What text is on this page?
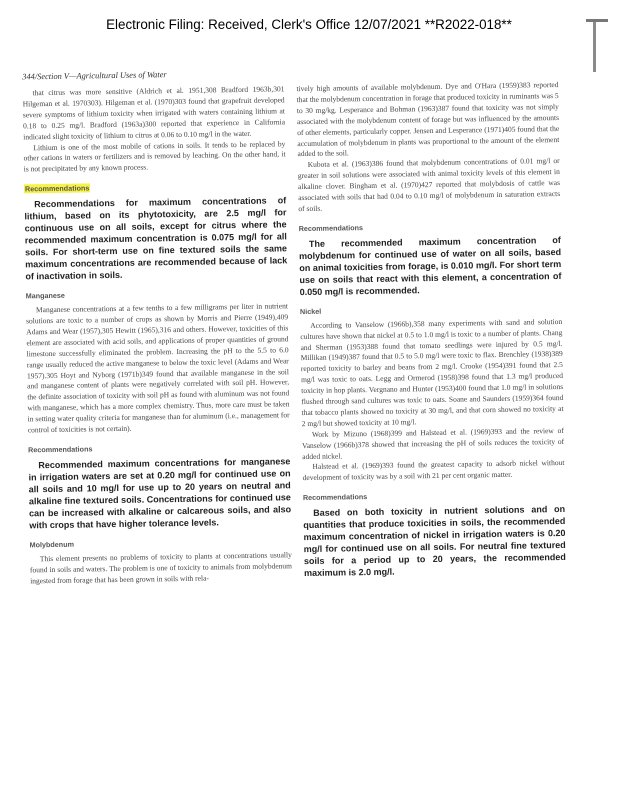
Electronic Filing: Received, Clerk's Office 12/07/2021 **R2022-018**
344/Section V—Agricultural Uses of Water

that citrus was more sensitive (Aldrich et al. 1951,308 Bradford 1963b,301 Hilgeman et al. 1970303). Hilgeman et al. (1970)303 found that grapefruit developed severe symptoms of lithium toxicity when irrigated with waters containing lithium at 0.18 to 0.25 mg/l. Bradford (1963a)300 reported that experience in California indicated slight toxicity of lithium to citrus at 0.06 to 0.10 mg/l in the water.

Lithium is one of the most mobile of cations in soils. It tends to be replaced by other cations in waters or fertilizers and is removed by leaching. On the other hand, it is not precipitated by any known process.

Recommendations

Recommendations for maximum concentrations of lithium, based on its phytotoxicity, are 2.5 mg/l for continuous use on all soils, except for citrus where the recommended maximum concentration is 0.075 mg/l for all soils. For short-term use on fine textured soils the same maximum concentrations are recommended because of lack of inactivation in soils.

Manganese

Manganese concentrations at a few tenths to a few milligrams per liter in nutrient solutions are toxic to a number of crops as shown by Morris and Pierre (1949),409 Adams and Wear (1957),305 Hewitt (1965),316 and others. However, toxicities of this element are associated with acid soils, and applications of proper quantities of ground limestone successfully eliminated the problem. Increasing the pH to the 5.5 to 6.0 range usually reduced the active manganese to below the toxic level (Adams and Wear 1957).305 Hoyt and Nyborg (1971b)349 found that available manganese in the soil and manganese content of plants were negatively correlated with soil pH. However, the definite association of toxicity with soil pH as found with aluminum was not found with manganese, which has a more complex chemistry. Thus, more care must be taken in setting water quality criteria for manganese than for aluminum (i.e., management for control of toxicities is not certain).

Recommendations

Recommended maximum concentrations for manganese in irrigation waters are set at 0.20 mg/l for continued use on all soils and 10 mg/l for use up to 20 years on neutral and alkaline fine textured soils. Concentrations for continued use can be increased with alkaline or calcareous soils, and also with crops that have higher tolerance levels.

Molybdenum

This element presents no problems of toxicity to plants at concentrations usually found in soils and waters. The problem is one of toxicity to animals from molybdenum ingested from forage that has been grown in soils with rela-

tively high amounts of available molybdenum. Dye and O'Hara (1959)383 reported that the molybdenum concentration in forage that produced toxicity in ruminants was 5 to 30 mg/kg. Lesperance and Bohman (1963)387 found that toxicity was not simply associated with the molybdenum content of forage but was influenced by the amounts of other elements, particularly copper. Jensen and Lesperance (1971)405 found that the accumulation of molybdenum in plants was proportional to the amount of the element added to the soil.

Kubota et al. (1963)386 found that molybdenum concentrations of 0.01 mg/l or greater in soil solutions were associated with animal toxicity levels of this element in alkaline clover. Bingham et al. (1970)427 reported that molybdosis of cattle was associated with soils that had 0.04 to 0.10 mg/l of molybdenum in saturation extracts of soils.

Recommendations

The recommended maximum concentration of molybdenum for continued use of water on all soils, based on animal toxicities from forage, is 0.010 mg/l. For short term use on soils that react with this element, a concentration of 0.050 mg/l is recommended.

Nickel

According to Vanselow (1966b),358 many experiments with sand and solution cultures have shown that nickel at 0.5 to 1.0 mg/l is toxic to a number of plants. Chang and Sherman (1953)388 found that tomato seedlings were injured by 0.5 mg/l. Millikan (1949)387 found that 0.5 to 5.0 mg/l were toxic to flax. Brenchley (1938)389 reported toxicity to barley and beans from 2 mg/l. Crooke (1954)391 found that 2.5 mg/l was toxic to oats. Legg and Ormerod (1958)398 found that 1.3 mg/l produced toxicity in hop plants. Vergnano and Hunter (1953)400 found that 1.0 mg/l in solutions flushed through sand cultures was toxic to oats. Soane and Saunders (1959)364 found that tobacco plants showed no toxicity at 30 mg/l, and that corn showed no toxicity at 2 mg/l but showed toxicity at 10 mg/l.

Work by Mizuno (1968)399 and Halstead et al. (1969)393 and the review of Vanselow (1966b)378 showed that increasing the pH of soils reduces the toxicity of added nickel.

Halstead et al. (1969)393 found the greatest capacity to adsorb nickel without development of toxicity was by a soil with 21 per cent organic matter.

Recommendations

Based on both toxicity in nutrient solutions and on quantities that produce toxicities in soils, the recommended maximum concentration of nickel in irrigation waters is 0.20 mg/l for continued use on all soils. For neutral fine textured soils for a period up to 20 years, the recommended maximum is 2.0 mg/l.
